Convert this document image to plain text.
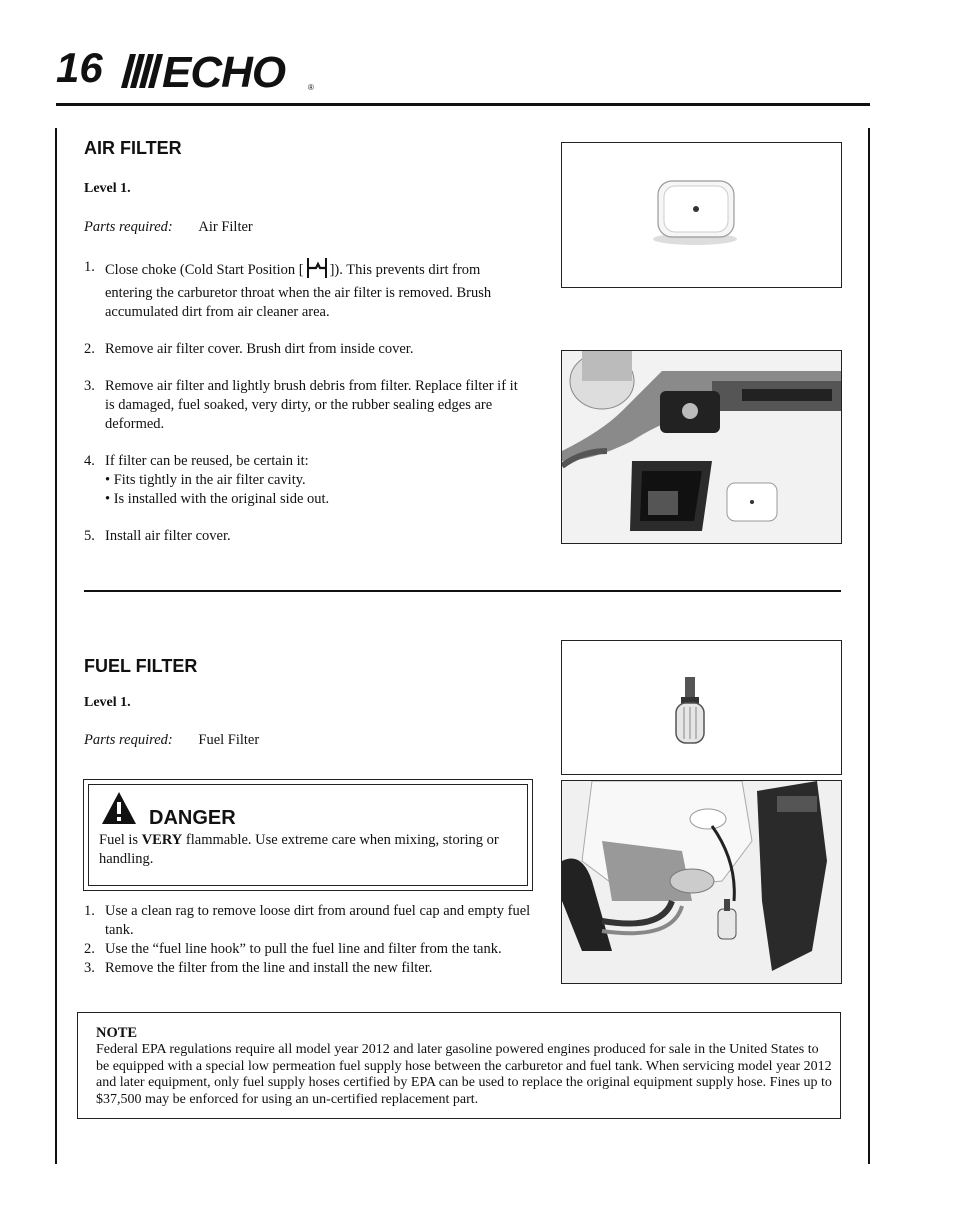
16 ECHO	®
AIR FILTER
Level 1.
Parts required: Air Filter
1. Close choke (Cold Start Position [ ]). This prevents dirt from entering the carburetor throat when the air filter is removed. Brush accumulated dirt from air cleaner area.
2. Remove air filter cover. Brush dirt from inside cover.
3. Remove air filter and lightly brush debris from filter. Replace filter if it is damaged, fuel soaked, very dirty, or the rubber sealing edges are deformed.
4. If filter can be reused, be certain it:
• Fits tightly in the air filter cavity.
• Is installed with the original side out.
5. Install air filter cover.
FUEL FILTER
Level 1.
Parts required: Fuel Filter
DANGER
Fuel is VERY flammable. Use extreme care when mixing, storing or handling.
1. Use a clean rag to remove loose dirt from around fuel cap and empty fuel tank.
2. Use the “fuel line hook” to pull the fuel line and filter from the tank.
3. Remove the filter from the line and install the new filter.
NOTE
Federal EPA regulations require all model year 2012 and later gasoline powered engines produced for sale in the United States to be equipped with a special low permeation fuel supply hose between the carburetor and fuel tank. When servicing model year 2012 and later equipment, only fuel supply hoses certified by EPA can be used to replace the original equipment supply hose. Fines up to $37,500 may be enforced for using an un-certified replacement part.
